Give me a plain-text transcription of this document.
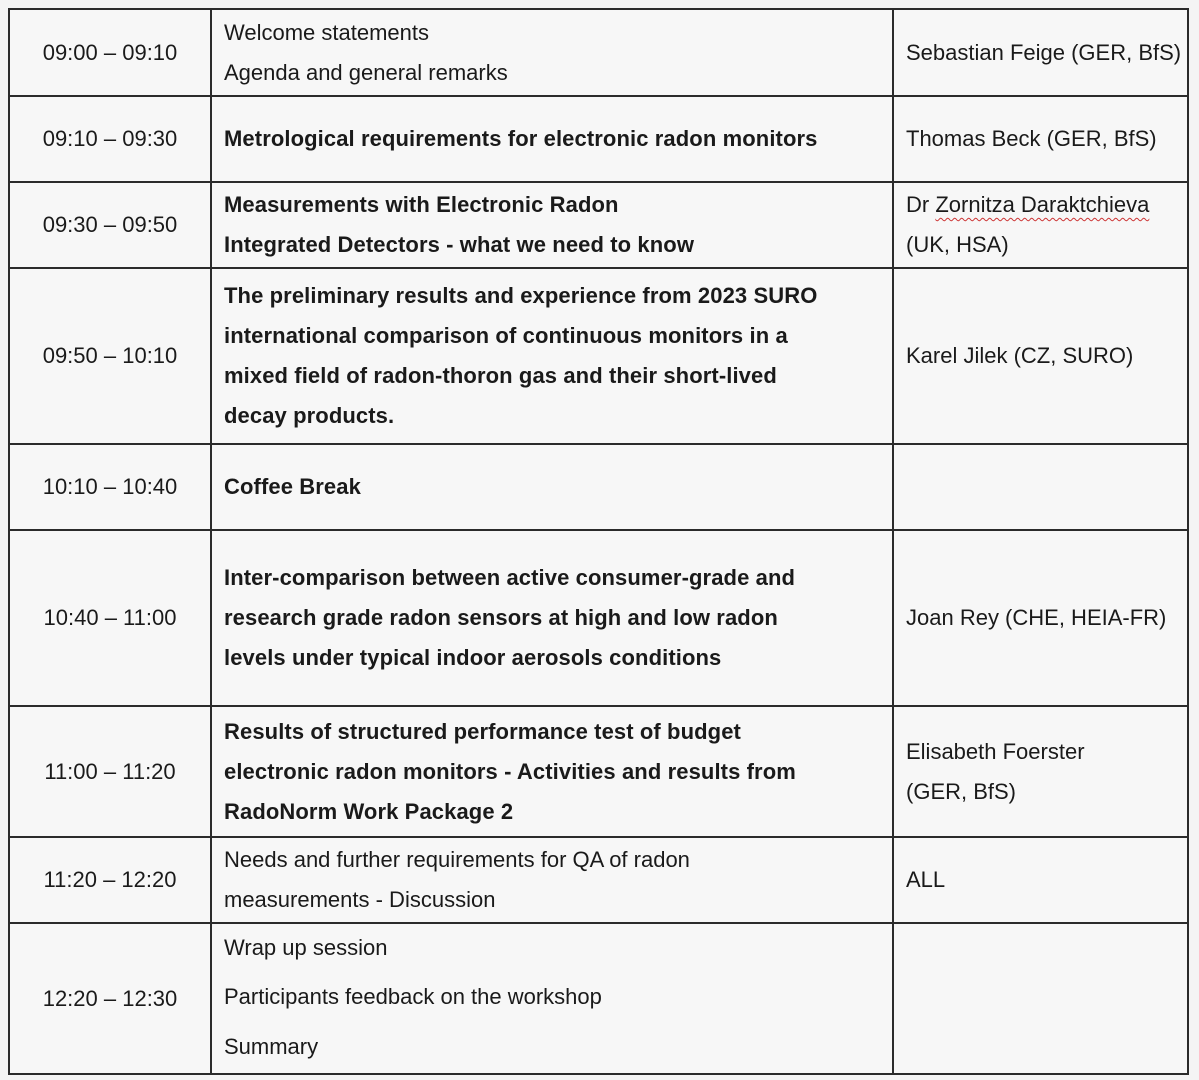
09:00 – 09:10	Welcome statements
Agenda and general remarks	Sebastian Feige (GER, BfS)

09:10 – 09:30	Metrological requirements for electronic radon monitors	Thomas Beck (GER, BfS)

09:30 – 09:50	Measurements with Electronic Radon
Integrated Detectors - what we need to know	Dr Zornitza Daraktchieva
(UK, HSA)

09:50 – 10:10	The preliminary results and experience from 2023 SURO
international comparison of continuous monitors in a
mixed field of radon-thoron gas and their short-lived
decay products.	Karel Jilek (CZ, SURO)

10:10 – 10:40	Coffee Break	

10:40 – 11:00	Inter-comparison between active consumer-grade and
research grade radon sensors at high and low radon
levels under typical indoor aerosols conditions	Joan Rey (CHE, HEIA-FR)

11:00 – 11:20	Results of structured performance test of budget
electronic radon monitors - Activities and results from
RadoNorm Work Package 2	Elisabeth Foerster
(GER, BfS)

11:20 – 12:20	Needs and further requirements for QA of radon
measurements - Discussion	ALL

12:20 – 12:30	Wrap up session
Participants feedback on the workshop
Summary	
